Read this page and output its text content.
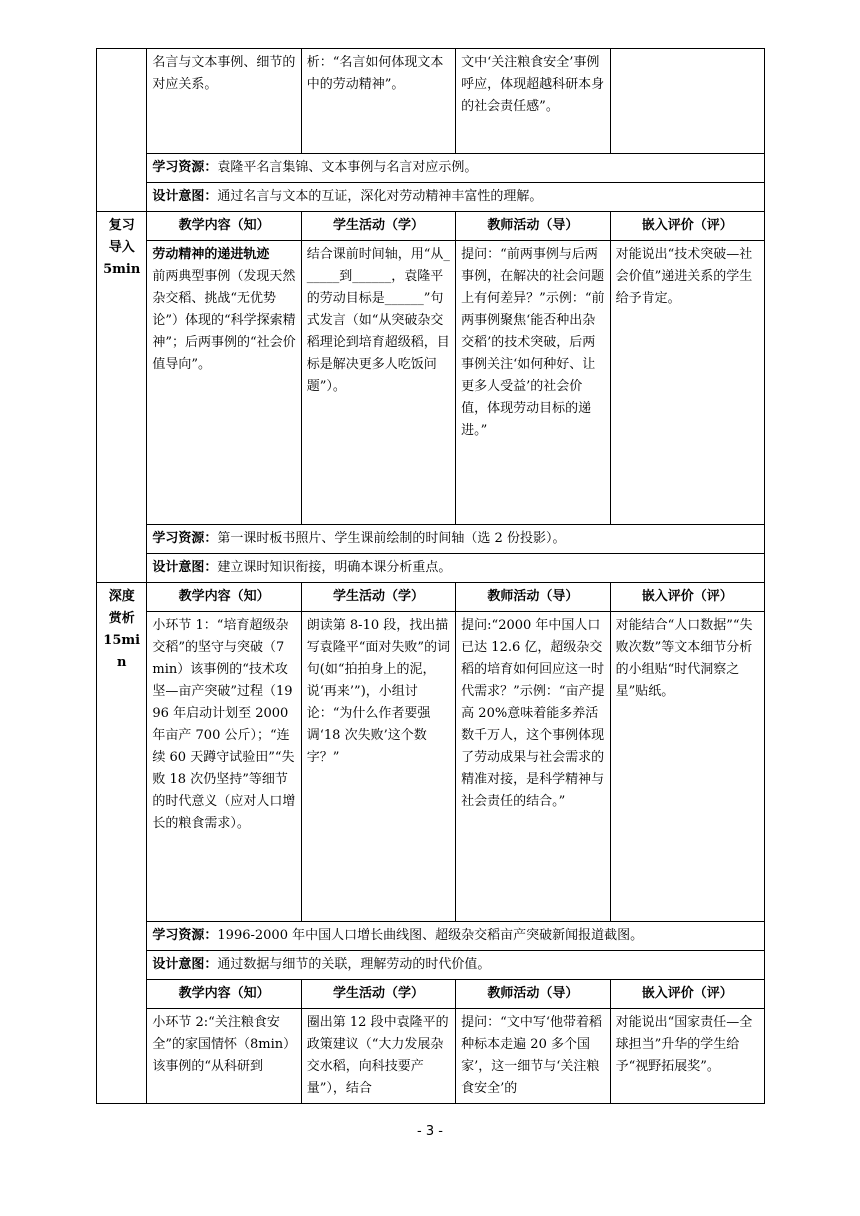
	名言与文本事例、细节的对应关系。	析：“名言如何体现文本中的劳动精神”。	文中‘关注粮食安全’事例呼应，体现超越科研本身的社会责任感”。	
	学习资源：袁隆平名言集锦、文本事例与名言对应示例。			
	设计意图：通过名言与文本的互证，深化对劳动精神丰富性的理解。			

复习
导入
5min	教学内容（知）	学生活动（学）	教师活动（导）	嵌入评价（评）

	劳动精神的递进轨迹
前两典型事例（发现天然杂交稻、挑战“无优势论”）体现的“科学探索精神”；后两事例的“社会价值导向”。	结合课前时间轴，用“从______到______，袁隆平的劳动目标是______”句式发言（如“从突破杂交稻理论到培育超级稻，目标是解决更多人吃饭问题”）。	提问：“前两事例与后两事例，在解决的社会问题上有何差异？”示例：“前两事例聚焦‘能否种出杂交稻’的技术突破，后两事例关注‘如何种好、让更多人受益’的社会价值，体现劳动目标的递进。”	对能说出“技术突破—社会价值”递进关系的学生给予肯定。
	学习资源：第一课时板书照片、学生课前绘制的时间轴（选 2 份投影）。			
	设计意图：建立课时知识衔接，明确本课分析重点。			

深度
赏析
15min	教学内容（知）	学生活动（学）	教师活动（导）	嵌入评价（评）
	小环节 1：“培育超级杂交稻”的坚守与突破（7min）该事例的“技术攻坚—亩产突破”过程（1996 年启动计划至 2000 年亩产 700 公斤）；“连续 60 天蹲守试验田”“失败 18 次仍坚持”等细节的时代意义（应对人口增长的粮食需求）。	朗读第 8-10 段，找出描写袁隆平“面对失败”的词句(如“拍拍身上的泥，说‘再来’”)，小组讨论：“为什么作者要强调‘18 次失败’这个数字？”	提问:“2000 年中国人口已达 12.6 亿，超级杂交稻的培育如何回应这一时代需求？”示例：“亩产提高 20%意味着能多养活数千万人，这个事例体现了劳动成果与社会需求的精准对接，是科学精神与社会责任的结合。”	对能结合“人口数据”“失败次数”等文本细节分析的小组贴“时代洞察之星”贴纸。
	学习资源：1996-2000 年中国人口增长曲线图、超级杂交稻亩产突破新闻报道截图。			
	设计意图：通过数据与细节的关联，理解劳动的时代价值。			
	教学内容（知）	学生活动（学）	教师活动（导）	嵌入评价（评）
	小环节 2:“关注粮食安全”的家国情怀（8min）该事例的“从科研到	圈出第 12 段中袁隆平的政策建议（“大力发展杂交水稻，向科技要产量”），结合	提问：“文中写‘他带着稻种标本走遍 20 多个国家’，这一细节与‘关注粮食安全’的	对能说出“国家责任—全球担当”升华的学生给予“视野拓展奖”。
- 3 -
